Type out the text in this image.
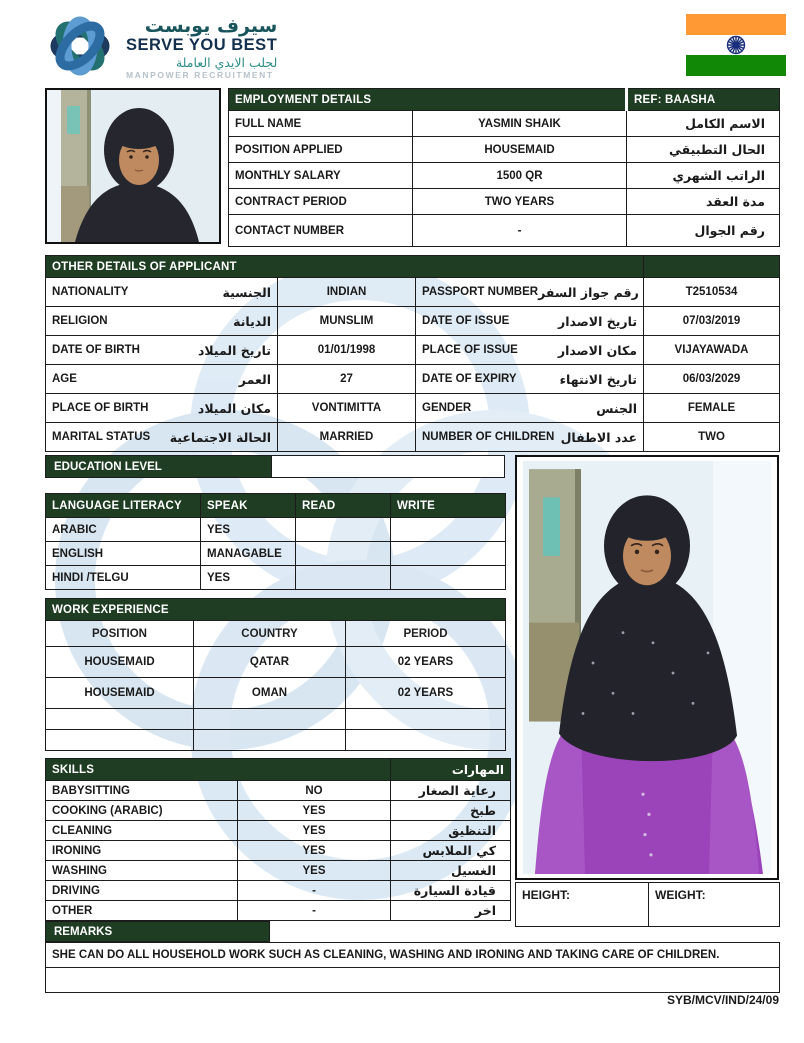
سيرف يوبست
SERVE YOU BEST
لجلب الايدي العاملة
MANPOWER RECRUITMENT
EMPLOYMENT DETAILS		REF: BAASHA
FULL NAME	YASMIN SHAIK	الاسم الكامل
POSITION APPLIED	HOUSEMAID	الحال التطبيقي
MONTHLY SALARY	1500 QR	الراتب الشهري
CONTRACT PERIOD	TWO YEARS	مدة العقد
CONTACT NUMBER	-	رقم الجوال
OTHER DETAILS OF APPLICANT			

NATIONALITY الجنسية	INDIAN	PASSPORT NUMBER رقم جواز السفر	T2510534

RELIGION الديانة	MUNSLIM	DATE OF ISSUE تاريخ الاصدار	07/03/2019

DATE OF BIRTH تاريخ الميلاد	01/01/1998	PLACE OF ISSUE مكان الاصدار	VIJAYAWADA

AGE العمر	27	DATE OF EXPIRY تاريخ الانتهاء	06/03/2029

PLACE OF BIRTH مكان الميلاد	VONTIMITTA	GENDER الجنس	FEMALE

MARITAL STATUS الحالة الاجتماعية	MARRIED	NUMBER OF CHILDREN عدد الاطفال	TWO
EDUCATION LEVEL
LANGUAGE LITERACY	SPEAK	READ	WRITE
ARABIC	YES		
ENGLISH	MANAGABLE		
HINDI /TELGU	YES		
WORK EXPERIENCE		
POSITION	COUNTRY	PERIOD
HOUSEMAID	QATAR	02 YEARS
HOUSEMAID	OMAN	02 YEARS

SKILLS		المهارات
BABYSITTING	NO	رعاية الصغار
COOKING (ARABIC)	YES	طبخ
CLEANING	YES	التنظيق
IRONING	YES	كي الملابس
WASHING	YES	الغسيل
DRIVING	-	قيادة السيارة
OTHER	-	اخر
HEIGHT:	WEIGHT:
REMARKS
SHE CAN DO ALL HOUSEHOLD WORK SUCH AS CLEANING, WASHING AND IRONING AND TAKING CARE OF CHILDREN.

SYB/MCV/IND/24/09
